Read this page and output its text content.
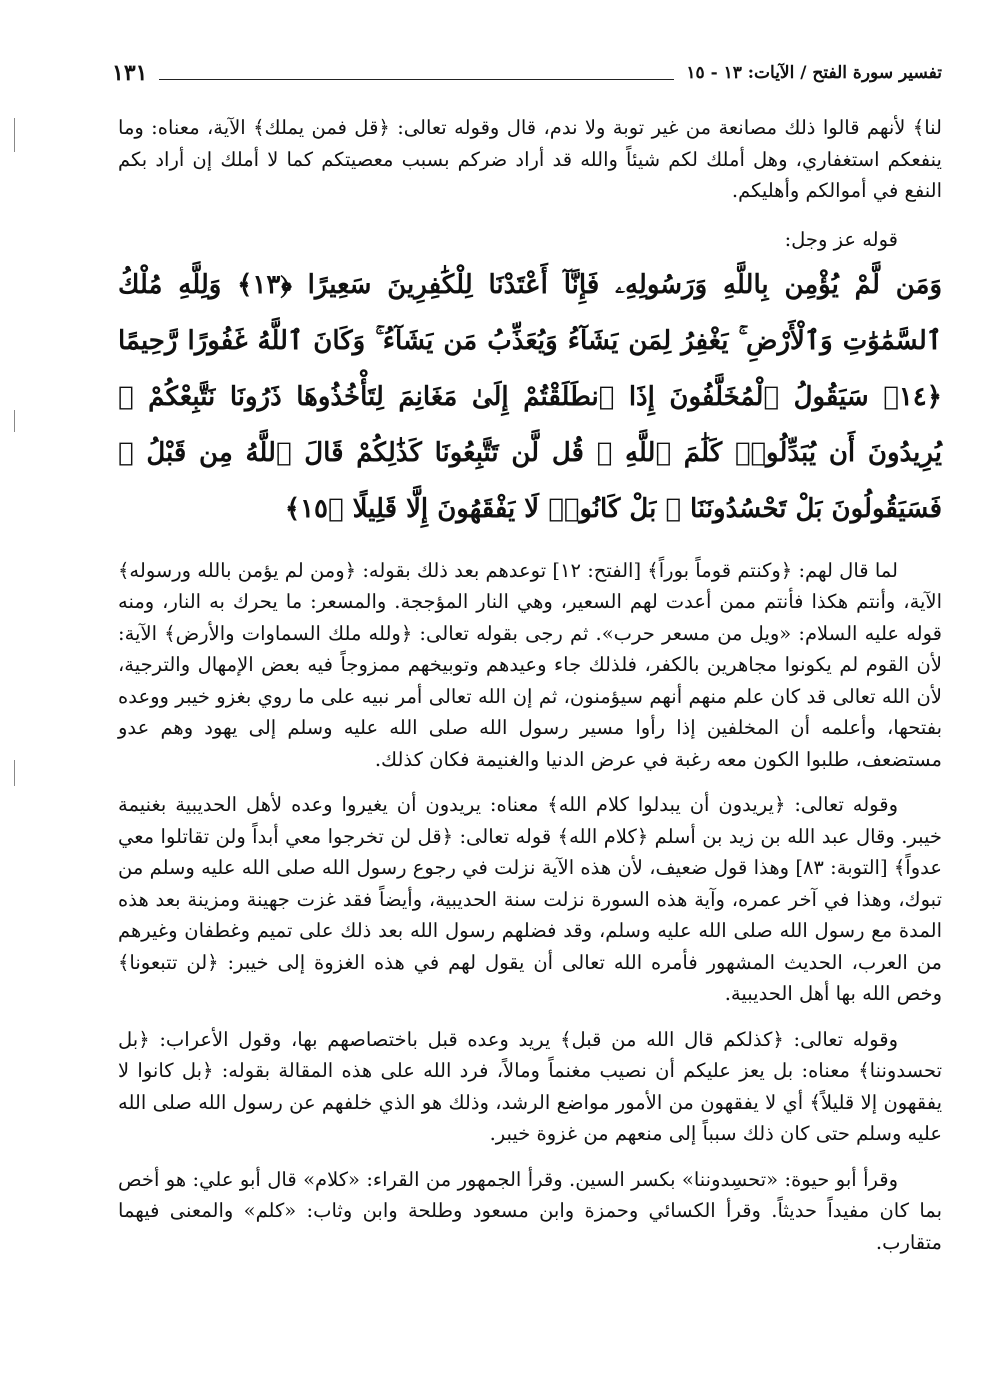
تفسير سورة الفتح / الآيات: ١٣ - ١٥
١٣١

لنا﴾ لأنهم قالوا ذلك مصانعة من غير توبة ولا ندم، قال وقوله تعالى: ﴿قل فمن يملك﴾ الآية، معناه: وما ينفعكم استغفاري، وهل أملك لكم شيئاً والله قد أراد ضركم بسبب معصيتكم كما لا أملك إن أراد بكم النفع في أموالكم وأهليكم.

قوله عز وجل:

وَمَن لَّمْ يُؤْمِن بِاللَّهِ وَرَسُولِهِۦ فَإِنَّآ أَعْتَدْنَا لِلْكَٰفِرِينَ سَعِيرًا ﴿١٣﴾ وَلِلَّهِ مُلْكُ ٱلسَّمَٰوَٰتِ وَٱلْأَرْضِ ۚ يَغْفِرُ لِمَن يَشَآءُ وَيُعَذِّبُ مَن يَشَآءُ ۚ وَكَانَ ٱللَّهُ غَفُورًا رَّحِيمًا ﴿١٤﴾ سَيَقُولُ ٱلْمُخَلَّفُونَ إِذَا ٱنطَلَقْتُمْ إِلَىٰ مَغَانِمَ لِتَأْخُذُوهَا ذَرُونَا نَتَّبِعْكُمْ ۖ يُرِيدُونَ أَن يُبَدِّلُوا۟ كَلَٰمَ ٱللَّهِ ۚ قُل لَّن تَتَّبِعُونَا كَذَٰلِكُمْ قَالَ ٱللَّهُ مِن قَبْلُ ۖ فَسَيَقُولُونَ بَلْ تَحْسُدُونَنَا ۚ بَلْ كَانُوا۟ لَا يَفْقَهُونَ إِلَّا قَلِيلًا ﴿١٥﴾

لما قال لهم: ﴿وكنتم قوماً بوراً﴾ [الفتح: ١٢] توعدهم بعد ذلك بقوله: ﴿ومن لم يؤمن بالله ورسوله﴾ الآية، وأنتم هكذا فأنتم ممن أعدت لهم السعير، وهي النار المؤججة. والمسعر: ما يحرك به النار، ومنه قوله عليه السلام: «ويل من مسعر حرب». ثم رجى بقوله تعالى: ﴿ولله ملك السماوات والأرض﴾ الآية: لأن القوم لم يكونوا مجاهرين بالكفر، فلذلك جاء وعيدهم وتوبيخهم ممزوجاً فيه بعض الإمهال والترجية، لأن الله تعالى قد كان علم منهم أنهم سيؤمنون، ثم إن الله تعالى أمر نبيه على ما روي بغزو خيبر ووعده بفتحها، وأعلمه أن المخلفين إذا رأوا مسير رسول الله صلى الله عليه وسلم إلى يهود وهم عدو مستضعف، طلبوا الكون معه رغبة في عرض الدنيا والغنيمة فكان كذلك.

وقوله تعالى: ﴿يريدون أن يبدلوا كلام الله﴾ معناه: يريدون أن يغيروا وعده لأهل الحديبية بغنيمة خيبر. وقال عبد الله بن زيد بن أسلم ﴿كلام الله﴾ قوله تعالى: ﴿قل لن تخرجوا معي أبداً ولن تقاتلوا معي عدواً﴾ [التوبة: ٨٣] وهذا قول ضعيف، لأن هذه الآية نزلت في رجوع رسول الله صلى الله عليه وسلم من تبوك، وهذا في آخر عمره، وآية هذه السورة نزلت سنة الحديبية، وأيضاً فقد غزت جهينة ومزينة بعد هذه المدة مع رسول الله صلى الله عليه وسلم، وقد فضلهم رسول الله بعد ذلك على تميم وغطفان وغيرهم من العرب، الحديث المشهور فأمره الله تعالى أن يقول لهم في هذه الغزوة إلى خيبر: ﴿لن تتبعونا﴾ وخص الله بها أهل الحديبية.

وقوله تعالى: ﴿كذلكم قال الله من قبل﴾ يريد وعده قبل باختصاصهم بها، وقول الأعراب: ﴿بل تحسدوننا﴾ معناه: بل يعز عليكم أن نصيب مغنماً ومالاً، فرد الله على هذه المقالة بقوله: ﴿بل كانوا لا يفقهون إلا قليلاً﴾ أي لا يفقهون من الأمور مواضع الرشد، وذلك هو الذي خلفهم عن رسول الله صلى الله عليه وسلم حتى كان ذلك سبباً إلى منعهم من غزوة خيبر.

وقرأ أبو حيوة: «تحسِدوننا» بكسر السين. وقرأ الجمهور من القراء: «كلام» قال أبو علي: هو أخص بما كان مفيداً حديثاً. وقرأ الكسائي وحمزة وابن مسعود وطلحة وابن وثاب: «كلم» والمعنى فيهما متقارب.
